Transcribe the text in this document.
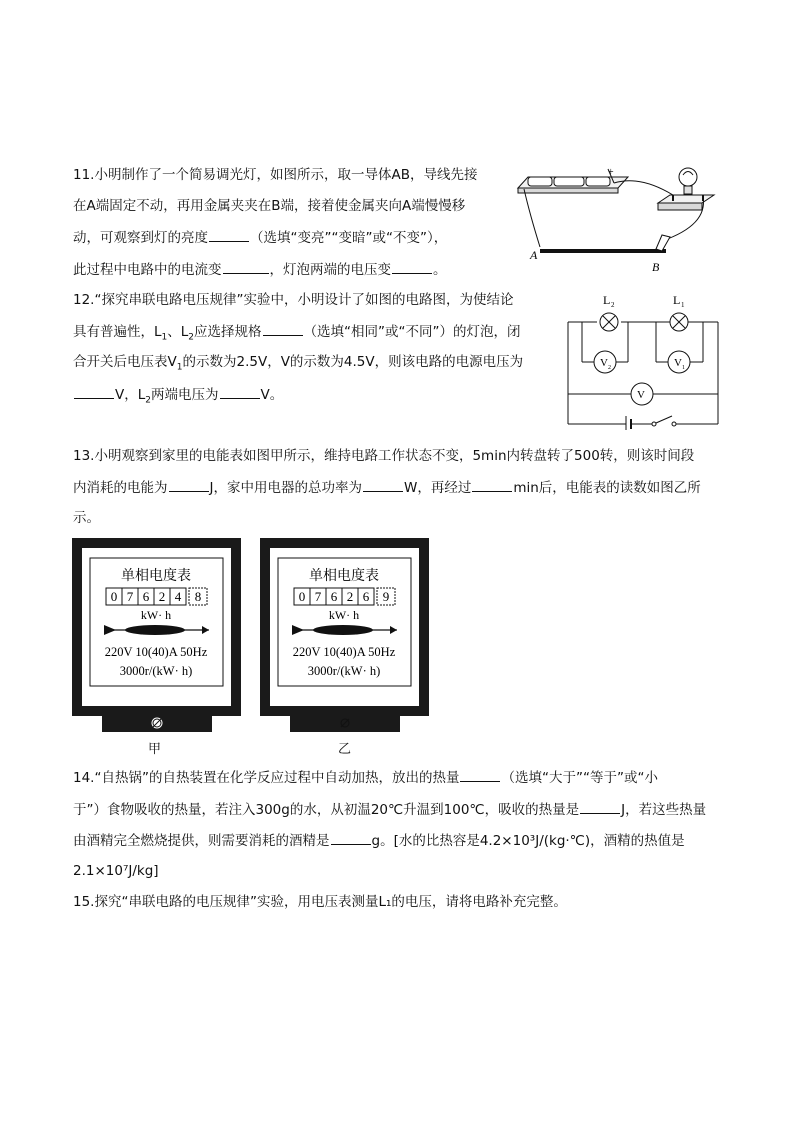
11.小明制作了一个简易调光灯，如图所示，取一导体AB，导线先接
在A端固定不动，再用金属夹夹在B端，接着使金属夹向A端慢慢移
动，可观察到灯的亮度	（选填“变亮”“变暗”或“不变”），
此过程中电路中的电流变	，灯泡两端的电压变	。
+
A
B
12.“探究串联电路电压规律”实验中，小明设计了如图的电路图，为使结论
具有普遍性，$L_1$、$L_2$应选择规格	（选填“相同”或“不同”）的灯泡，闭
合开关后电压表$V_1$的示数为2.5V，V的示数为4.5V，则该电路的电源电压为
V，$L_2$两端电压为	V。
L 2	L 1
V 2	V 1
V
13.小明观察到家里的电能表如图甲所示，维持电路工作状态不变，5min内转盘转了500转，则该时间段
内消耗的电能为	J，家中用电器的总功率为	W，再经过	min后，电能表的读数如图乙所
示。
单相电度表
0 7 6 2 4 8
kW· h
220V 10(40)A 50Hz
3000r/(kW· h)
甲
单相电度表
0 7 6 2 6 9
kW· h
220V 10(40)A 50Hz
3000r/(kW· h)
乙
14.“自热锅”的自热装置在化学反应过程中自动加热，放出的热量	（选填“大于”“等于”或“小
于”）食物吸收的热量，若注入300g的水，从初温20℃升温到100℃，吸收的热量是	J，若这些热量
由酒精完全燃烧提供，则需要消耗的酒精是	g。[水的比热容是4.2×10³J/(kg·℃)，酒精的热值是
2.1×10⁷J/kg]
15.探究“串联电路的电压规律”实验，用电压表测量L₁的电压，请将电路补充完整。
